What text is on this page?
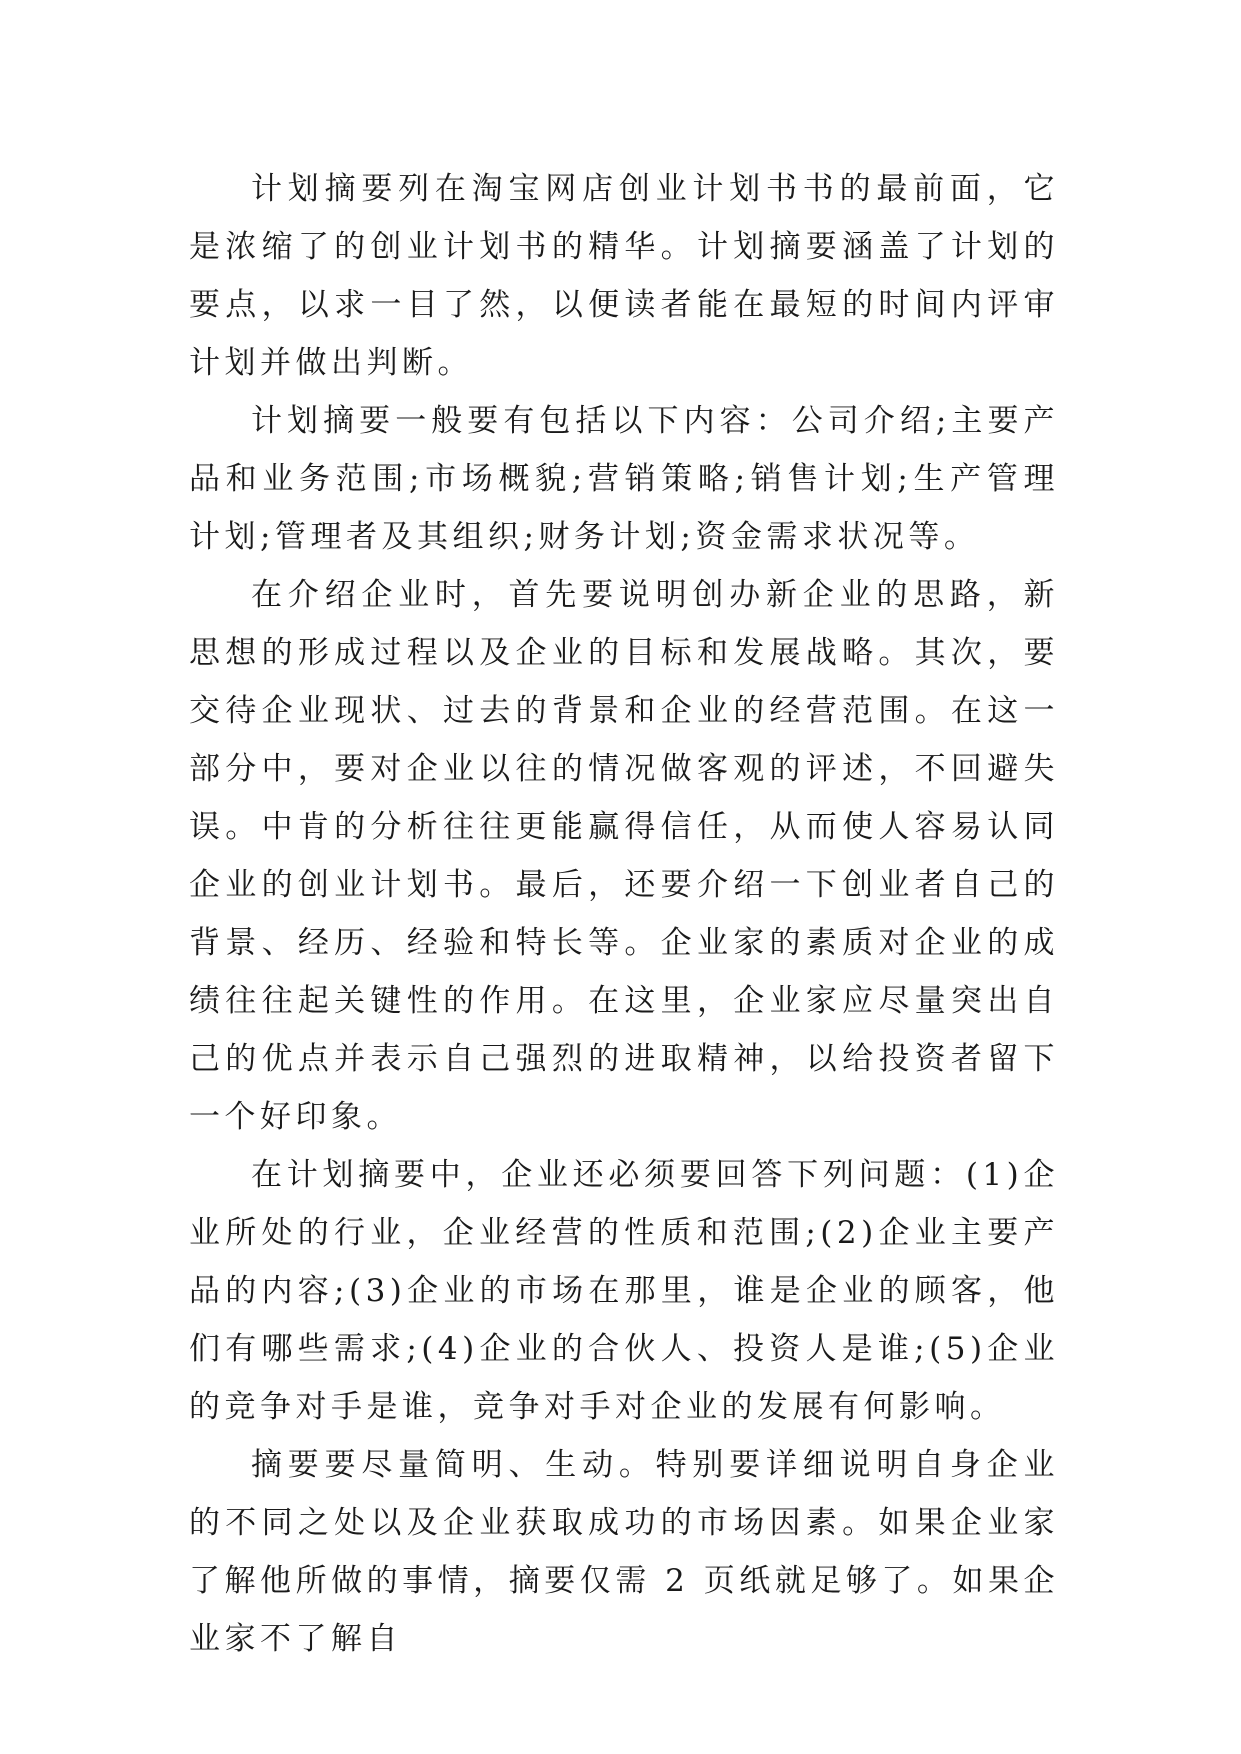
计划摘要列在淘宝网店创业计划书书的最前面，它是浓缩了的创业计划书的精华。计划摘要涵盖了计划的要点，以求一目了然，以便读者能在最短的时间内评审计划并做出判断。

计划摘要一般要有包括以下内容：公司介绍;主要产品和业务范围;市场概貌;营销策略;销售计划;生产管理计划;管理者及其组织;财务计划;资金需求状况等。

在介绍企业时，首先要说明创办新企业的思路，新思想的形成过程以及企业的目标和发展战略。其次，要交待企业现状、过去的背景和企业的经营范围。在这一部分中，要对企业以往的情况做客观的评述，不回避失误。中肯的分析往往更能赢得信任，从而使人容易认同企业的创业计划书。最后，还要介绍一下创业者自己的背景、经历、经验和特长等。企业家的素质对企业的成绩往往起关键性的作用。在这里，企业家应尽量突出自己的优点并表示自己强烈的进取精神，以给投资者留下一个好印象。

在计划摘要中，企业还必须要回答下列问题：(1)企业所处的行业，企业经营的性质和范围;(2)企业主要产品的内容;(3)企业的市场在那里，谁是企业的顾客，他们有哪些需求;(4)企业的合伙人、投资人是谁;(5)企业的竞争对手是谁，竞争对手对企业的发展有何影响。

摘要要尽量简明、生动。特别要详细说明自身企业的不同之处以及企业获取成功的市场因素。如果企业家了解他所做的事情，摘要仅需 2 页纸就足够了。如果企业家不了解自
